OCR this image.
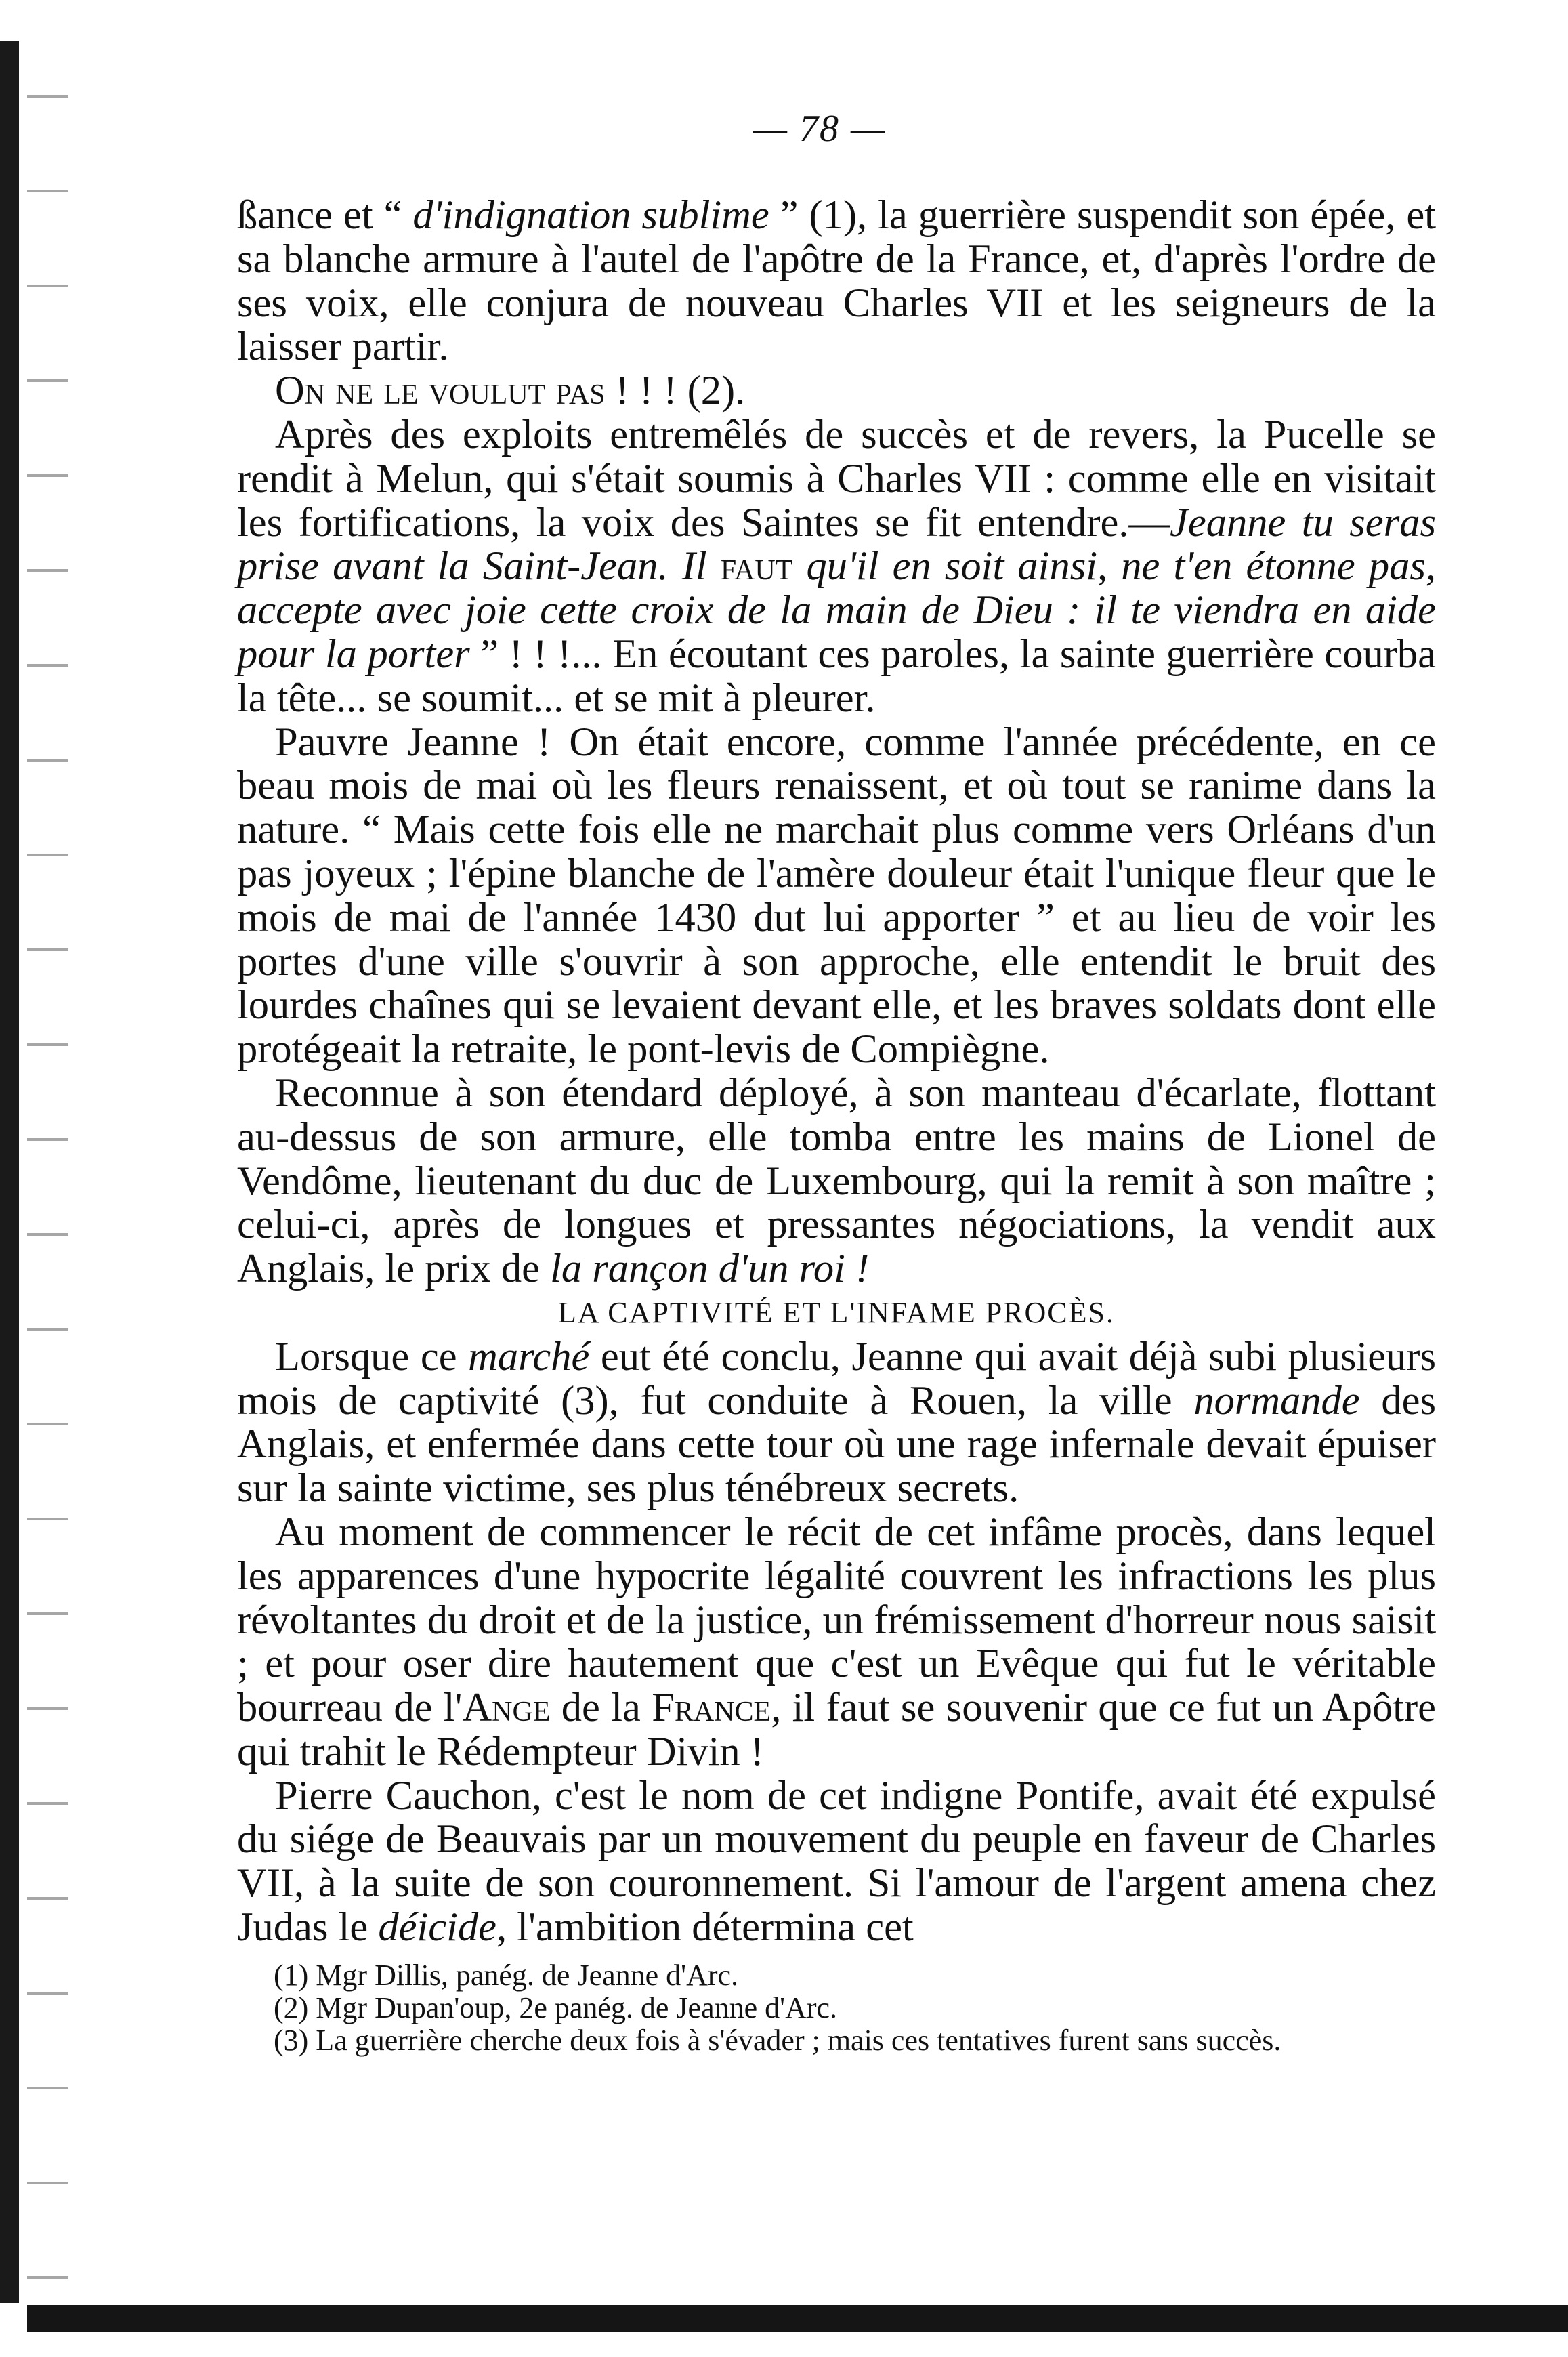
— 78 —

ßance et “ d'indignation sublime ” (1), la guerrière suspendit son épée, et sa blanche armure à l'autel de l'apôtre de la France, et, d'après l'ordre de ses voix, elle conjura de nouveau Charles VII et les seigneurs de la laisser partir.

On ne le voulut pas ! ! ! (2).

Après des exploits entremêlés de succès et de revers, la Pucelle se rendit à Melun, qui s'était soumis à Charles VII : comme elle en visitait les fortifications, la voix des Saintes se fit entendre.—Jeanne tu seras prise avant la Saint-Jean. Il faut qu'il en soit ainsi, ne t'en étonne pas, accepte avec joie cette croix de la main de Dieu : il te viendra en aide pour la porter ” ! ! !... En écoutant ces paroles, la sainte guerrière courba la tête... se soumit... et se mit à pleurer.

Pauvre Jeanne ! On était encore, comme l'année précédente, en ce beau mois de mai où les fleurs renaissent, et où tout se ranime dans la nature. “ Mais cette fois elle ne marchait plus comme vers Orléans d'un pas joyeux ; l'épine blanche de l'amère douleur était l'unique fleur que le mois de mai de l'année 1430 dut lui apporter ” et au lieu de voir les portes d'une ville s'ouvrir à son approche, elle entendit le bruit des lourdes chaînes qui se levaient devant elle, et les braves soldats dont elle protégeait la retraite, le pont-levis de Compiègne.

Reconnue à son étendard déployé, à son manteau d'écarlate, flottant au-dessus de son armure, elle tomba entre les mains de Lionel de Vendôme, lieutenant du duc de Luxembourg, qui la remit à son maître ; celui-ci, après de longues et pressantes négociations, la vendit aux Anglais, le prix de la rançon d'un roi !

LA CAPTIVITÉ ET L'INFAME PROCÈS.

Lorsque ce marché eut été conclu, Jeanne qui avait déjà subi plusieurs mois de captivité (3), fut conduite à Rouen, la ville normande des Anglais, et enfermée dans cette tour où une rage infernale devait épuiser sur la sainte victime, ses plus ténébreux secrets.

Au moment de commencer le récit de cet infâme procès, dans lequel les apparences d'une hypocrite légalité couvrent les infractions les plus révoltantes du droit et de la justice, un frémissement d'horreur nous saisit ; et pour oser dire hautement que c'est un Evêque qui fut le véritable bourreau de l'Ange de la France, il faut se souvenir que ce fut un Apôtre qui trahit le Rédempteur Divin !

Pierre Cauchon, c'est le nom de cet indigne Pontife, avait été expulsé du siége de Beauvais par un mouvement du peuple en faveur de Charles VII, à la suite de son couronnement. Si l'amour de l'argent amena chez Judas le déicide, l'ambition détermina cet

(1) Mgr Dillis, panég. de Jeanne d'Arc.

(2) Mgr Dupan'oup, 2e panég. de Jeanne d'Arc.

(3) La guerrière cherche deux fois à s'évader ; mais ces tentatives furent sans succès.
